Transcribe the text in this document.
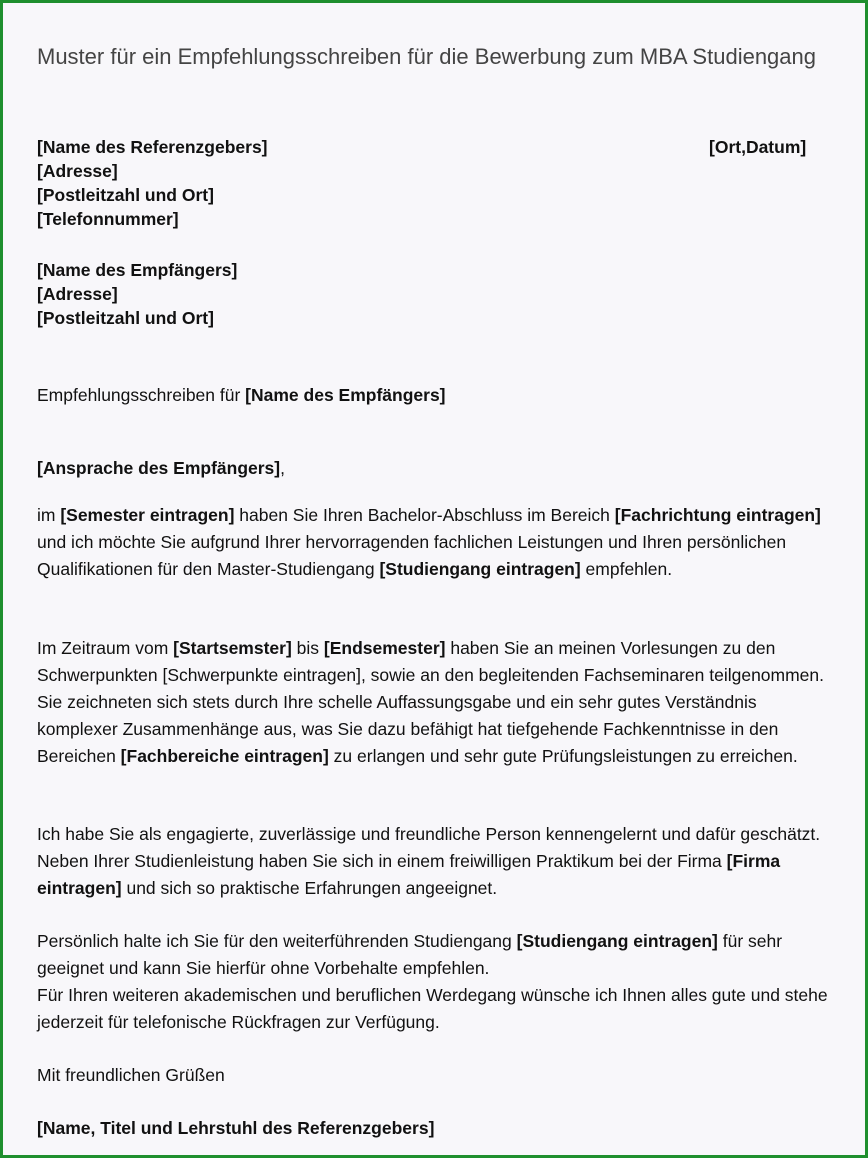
Muster für ein Empfehlungsschreiben für die Bewerbung zum MBA Studiengang
[Name des Referenzgebers]
[Adresse]
[Postleitzahl und Ort]
[Telefonnummer]
[Ort,Datum]
[Name des Empfängers]
[Adresse]
[Postleitzahl und Ort]
Empfehlungsschreiben für [Name des Empfängers]
[Ansprache des Empfängers],
im [Semester eintragen] haben Sie Ihren Bachelor-Abschluss im Bereich [Fachrichtung eintragen] und ich möchte Sie aufgrund Ihrer hervorragenden fachlichen Leistungen und Ihren persönlichen Qualifikationen für den Master-Studiengang [Studiengang eintragen] empfehlen.
Im Zeitraum vom [Startsemster] bis [Endsemester] haben Sie an meinen Vorlesungen zu den Schwerpunkten [Schwerpunkte eintragen], sowie an den begleitenden Fachseminaren teilgenommen. Sie zeichneten sich stets durch Ihre schelle Auffassungsgabe und ein sehr gutes Verständnis komplexer Zusammenhänge aus, was Sie dazu befähigt hat tiefgehende Fachkenntnisse in den Bereichen [Fachbereiche eintragen] zu erlangen und sehr gute Prüfungsleistungen zu erreichen.
Ich habe Sie als engagierte, zuverlässige und freundliche Person kennengelernt und dafür geschätzt. Neben Ihrer Studienleistung haben Sie sich in einem freiwilligen Praktikum bei der Firma [Firma eintragen] und sich so praktische Erfahrungen angeeignet.
Persönlich halte ich Sie für den weiterführenden Studiengang [Studiengang eintragen] für sehr geeignet und kann Sie hierfür ohne Vorbehalte empfehlen.
Für Ihren weiteren akademischen und beruflichen Werdegang wünsche ich Ihnen alles gute und stehe jederzeit für telefonische Rückfragen zur Verfügung.
Mit freundlichen Grüßen
[Name, Titel und Lehrstuhl des Referenzgebers]
